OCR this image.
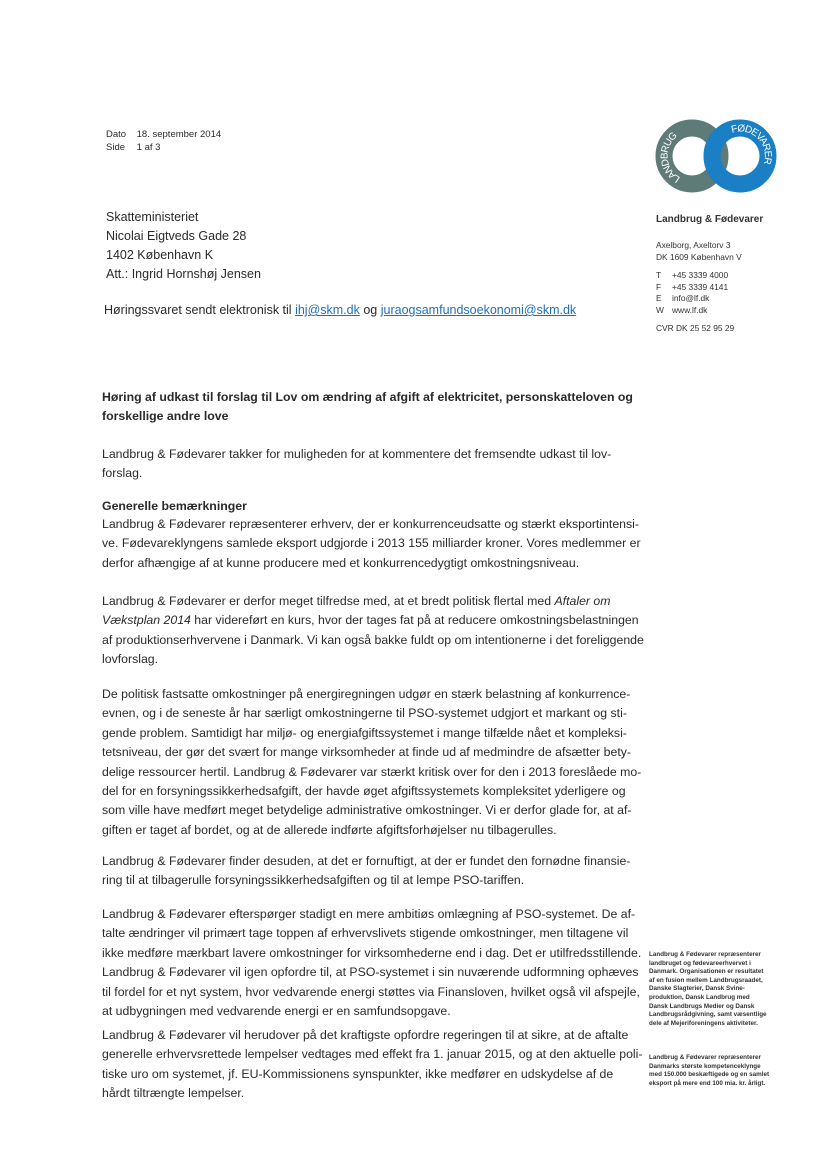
Dato 18. september 2014
Side 1 af 3
Skatteministeriet
Nicolai Eigtveds Gade 28
1402 København K
Att.: Ingrid Hornshøj Jensen
Høringssvaret sendt elektronisk til ihj@skm.dk og juraogsamfundsoekonomi@skm.dk
LANDBRUG
FØDEVARER
Landbrug & Fødevarer
Axelborg, Axeltorv 3
DK 1609 København V
T +45 3339 4000
F +45 3339 4141
E info@lf.dk
W www.lf.dk
CVR DK 25 52 95 29
Høring af udkast til forslag til Lov om ændring af afgift af elektricitet, personskatteloven og
forskellige andre love
Landbrug & Fødevarer takker for muligheden for at kommentere det fremsendte udkast til lov-
forslag.
Generelle bemærkninger
Landbrug & Fødevarer repræsenterer erhverv, der er konkurrenceudsatte og stærkt eksportintensi-
ve. Fødevareklyngens samlede eksport udgjorde i 2013 155 milliarder kroner. Vores medlemmer er
derfor afhængige af at kunne producere med et konkurrencedygtigt omkostningsniveau.
Landbrug & Fødevarer er derfor meget tilfredse med, at et bredt politisk flertal med Aftaler om
Vækstplan 2014 har videreført en kurs, hvor der tages fat på at reducere omkostningsbelastningen
af produktionserhvervene i Danmark. Vi kan også bakke fuldt op om intentionerne i det foreliggende
lovforslag.
De politisk fastsatte omkostninger på energiregningen udgør en stærk belastning af konkurrence-
evnen, og i de seneste år har særligt omkostningerne til PSO-systemet udgjort et markant og sti-
gende problem. Samtidigt har miljø- og energiafgiftssystemet i mange tilfælde nået et kompleksi-
tetsniveau, der gør det svært for mange virksomheder at finde ud af medmindre de afsætter bety-
delige ressourcer hertil. Landbrug & Fødevarer var stærkt kritisk over for den i 2013 foreslåede mo-
del for en forsyningssikkerhedsafgift, der havde øget afgiftssystemets kompleksitet yderligere og
som ville have medført meget betydelige administrative omkostninger. Vi er derfor glade for, at af-
giften er taget af bordet, og at de allerede indførte afgiftsforhøjelser nu tilbagerulles.
Landbrug & Fødevarer finder desuden, at det er fornuftigt, at der er fundet den fornødne finansie-
ring til at tilbagerulle forsyningssikkerhedsafgiften og til at lempe PSO-tariffen.
Landbrug & Fødevarer efterspørger stadigt en mere ambitiøs omlægning af PSO-systemet. De af-
talte ændringer vil primært tage toppen af erhvervslivets stigende omkostninger, men tiltagene vil
ikke medføre mærkbart lavere omkostninger for virksomhederne end i dag. Det er utilfredsstillende.
Landbrug & Fødevarer vil igen opfordre til, at PSO-systemet i sin nuværende udformning ophæves
til fordel for et nyt system, hvor vedvarende energi støttes via Finansloven, hvilket også vil afspejle,
at udbygningen med vedvarende energi er en samfundsopgave.
Landbrug & Fødevarer vil herudover på det kraftigste opfordre regeringen til at sikre, at de aftalte
generelle erhvervsrettede lempelser vedtages med effekt fra 1. januar 2015, og at den aktuelle poli-
tiske uro om systemet, jf. EU-Kommissionens synspunkter, ikke medfører en udskydelse af de
hårdt tiltrængte lempelser.
Landbrug & Fødevarer repræsenterer
landbruget og fødevareerhvervet i
Danmark. Organisationen er resultatet
af en fusion mellem Landbrugsraadet,
Danske Slagterier, Dansk Svine-
produktion, Dansk Landbrug med
Dansk Landbrugs Medier og Dansk
Landbrugsrådgivning, samt væsentlige
dele af Mejeriforeningens aktiviteter.
Landbrug & Fødevarer repræsenterer
Danmarks største kompetenceklynge
med 150.000 beskæftigede og en samlet
eksport på mere end 100 mia. kr. årligt.
